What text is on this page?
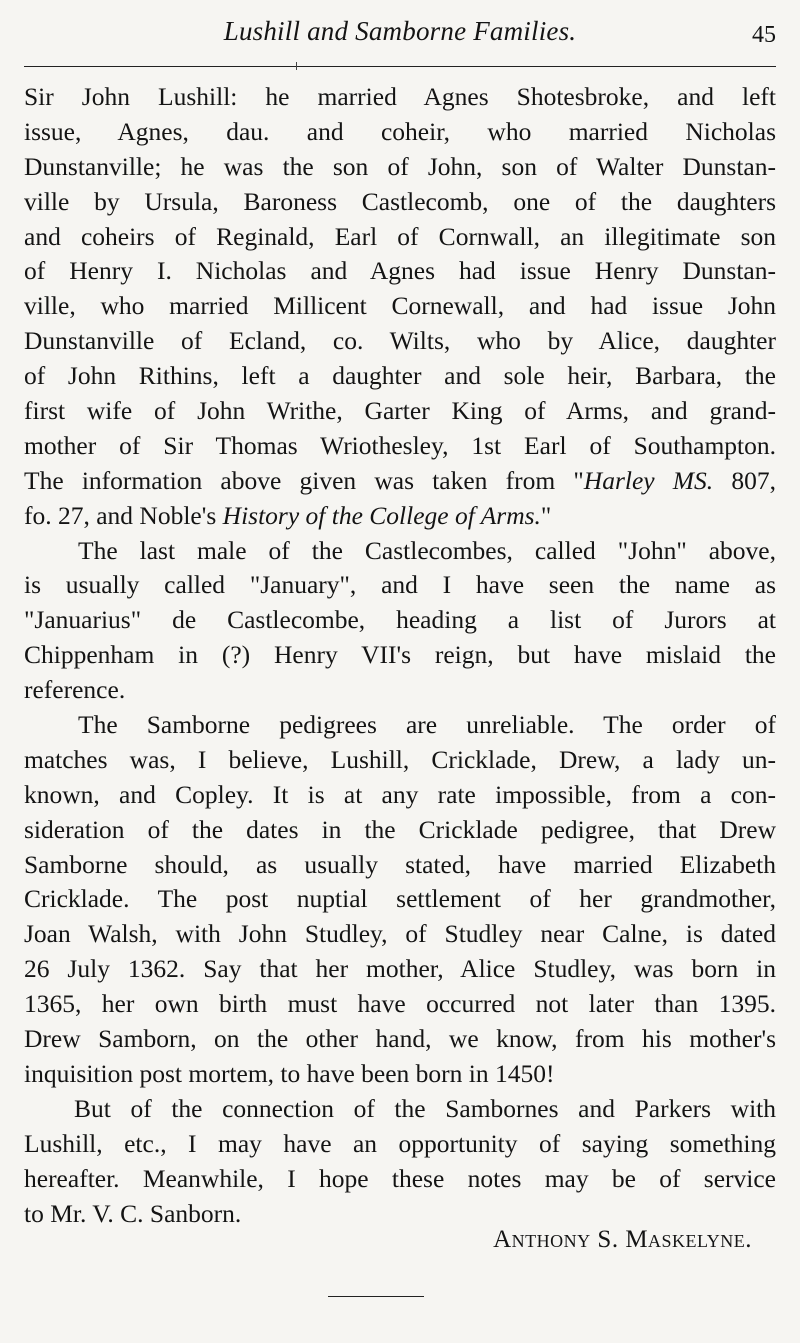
Lushill and Samborne Families.	45
Sir John Lushill: he married Agnes Shotesbroke, and left
issue, Agnes, dau. and coheir, who married Nicholas
Dunstanville; he was the son of John, son of Walter Dunstan-
ville by Ursula, Baroness Castlecomb, one of the daughters
and coheirs of Reginald, Earl of Cornwall, an illegitimate son
of Henry I. Nicholas and Agnes had issue Henry Dunstan-
ville, who married Millicent Cornewall, and had issue John
Dunstanville of Ecland, co. Wilts, who by Alice, daughter
of John Rithins, left a daughter and sole heir, Barbara, the
first wife of John Writhe, Garter King of Arms, and grand-
mother of Sir Thomas Wriothesley, 1st Earl of Southampton.
The information above given was taken from "Harley MS. 807,
fo. 27, and Noble's History of the College of Arms."
The last male of the Castlecombes, called "John" above,
is usually called "January", and I have seen the name as
"Januarius" de Castlecombe, heading a list of Jurors at
Chippenham in (?) Henry VII's reign, but have mislaid the
reference.
The Samborne pedigrees are unreliable. The order of
matches was, I believe, Lushill, Cricklade, Drew, a lady un-
known, and Copley. It is at any rate impossible, from a con-
sideration of the dates in the Cricklade pedigree, that Drew
Samborne should, as usually stated, have married Elizabeth
Cricklade. The post nuptial settlement of her grandmother,
Joan Walsh, with John Studley, of Studley near Calne, is dated
26 July 1362. Say that her mother, Alice Studley, was born in
1365, her own birth must have occurred not later than 1395.
Drew Samborn, on the other hand, we know, from his mother's
inquisition post mortem, to have been born in 1450!
But of the connection of the Sambornes and Parkers with
Lushill, etc., I may have an opportunity of saying something
hereafter. Meanwhile, I hope these notes may be of service
to Mr. V. C. Sanborn.
Anthony S. Maskelyne.
